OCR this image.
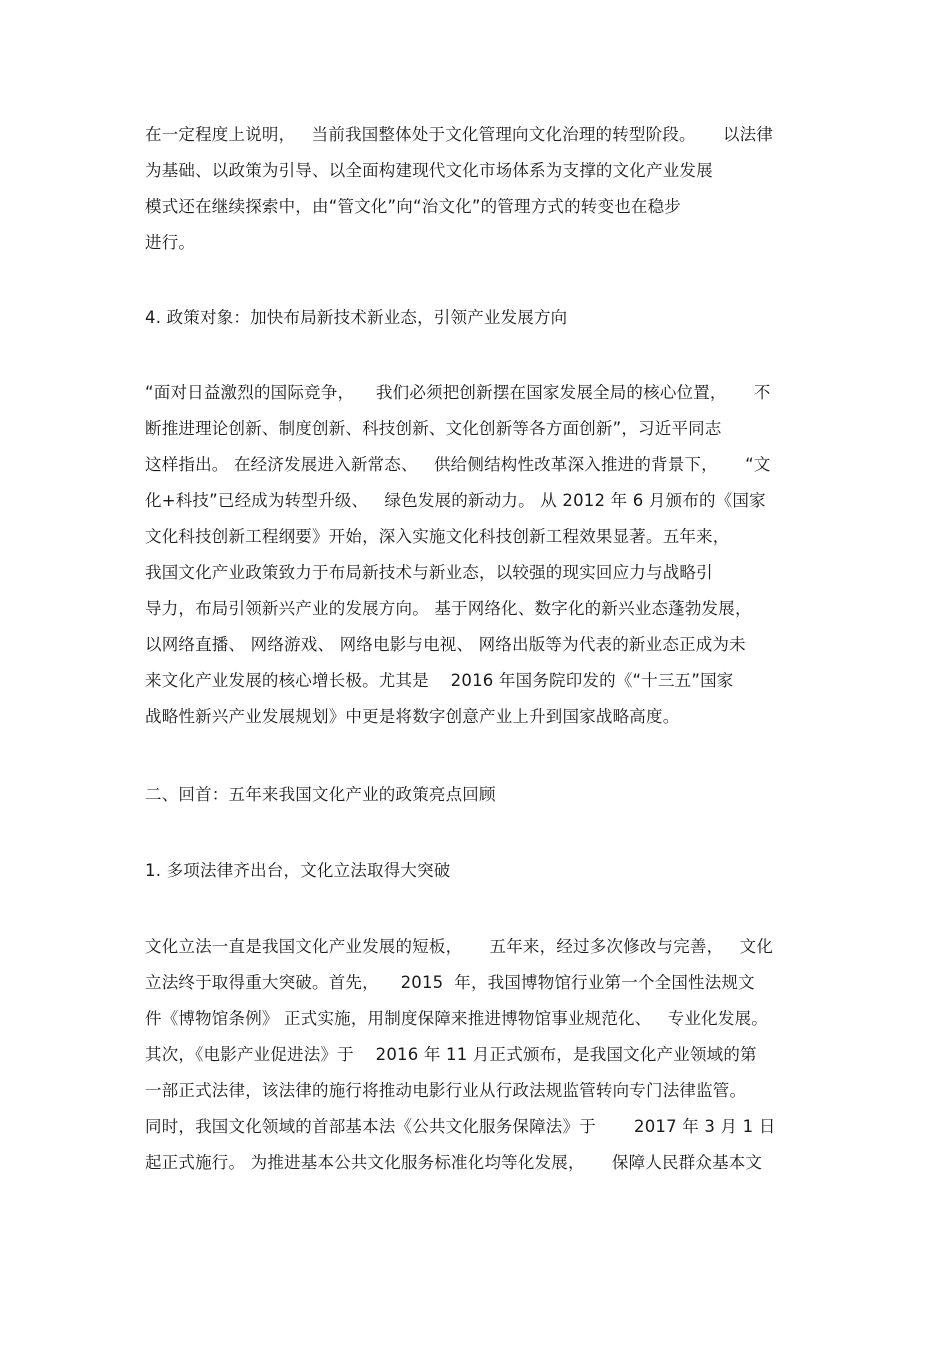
在一定程度上说明，   当前我国整体处于文化管理向文化治理的转型阶段。     以法律
为基础、以政策为引导、以全面构建现代文化市场体系为支撑的文化产业发展
模式还在继续探索中，由“管文化”向“治文化”的管理方式的转变也在稳步
进行。
4. 政策对象：加快布局新技术新业态，引领产业发展方向
“面对日益激烈的国际竞争，    我们必须把创新摆在国家发展全局的核心位置，     不
断推进理论创新、制度创新、科技创新、文化创新等各方面创新”，习近平同志
这样指出。 在经济发展进入新常态、   供给侧结构性改革深入推进的背景下，     “文
化+科技”已经成为转型升级、   绿色发展的新动力。 从 2012 年 6 月颁布的《国家
文化科技创新工程纲要》开始，深入实施文化科技创新工程效果显著。五年来，
我国文化产业政策致力于布局新技术与新业态，以较强的现实回应力与战略引
导力，布局引领新兴产业的发展方向。 基于网络化、数字化的新兴业态蓬勃发展，
以网络直播、 网络游戏、 网络电影与电视、 网络出版等为代表的新业态正成为未
来文化产业发展的核心增长极。尤其是    2016 年国务院印发的《“十三五”国家
战略性新兴产业发展规划》中更是将数字创意产业上升到国家战略高度。
二、回首：五年来我国文化产业的政策亮点回顾
1. 多项法律齐出台，文化立法取得大突破
文化立法一直是我国文化产业发展的短板，     五年来，经过多次修改与完善，   文化
立法终于取得重大突破。首先，    2015  年，我国博物馆行业第一个全国性法规文
件《博物馆条例》 正式实施，用制度保障来推进博物馆事业规范化、   专业化发展。
其次，《电影产业促进法》于    2016 年 11 月正式颁布，是我国文化产业领域的第
一部正式法律，该法律的施行将推动电影行业从行政法规监管转向专门法律监管。
同时，我国文化领域的首部基本法《公共文化服务保障法》于       2017 年 3 月 1 日
起正式施行。 为推进基本公共文化服务标准化均等化发展，     保障人民群众基本文
